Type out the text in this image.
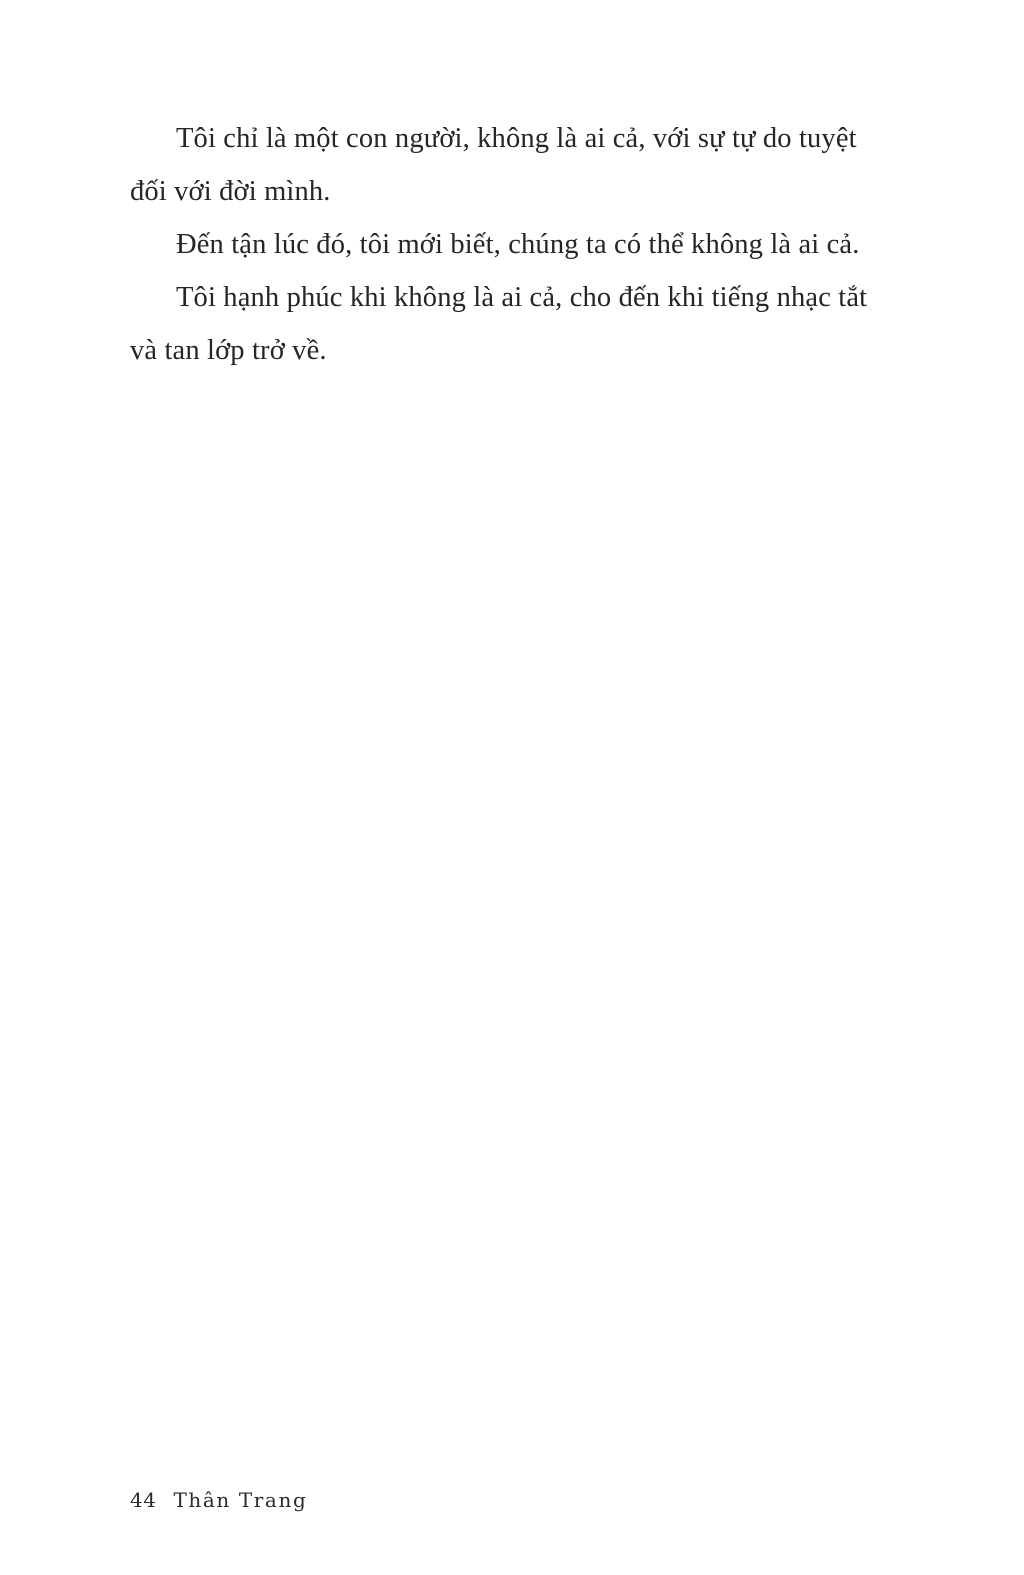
Tôi chỉ là một con người, không là ai cả, với sự tự do tuyệt đối với đời mình.

Đến tận lúc đó, tôi mới biết, chúng ta có thể không là ai cả.

Tôi hạnh phúc khi không là ai cả, cho đến khi tiếng nhạc tắt và tan lớp trở về.

44 Thân Trang
